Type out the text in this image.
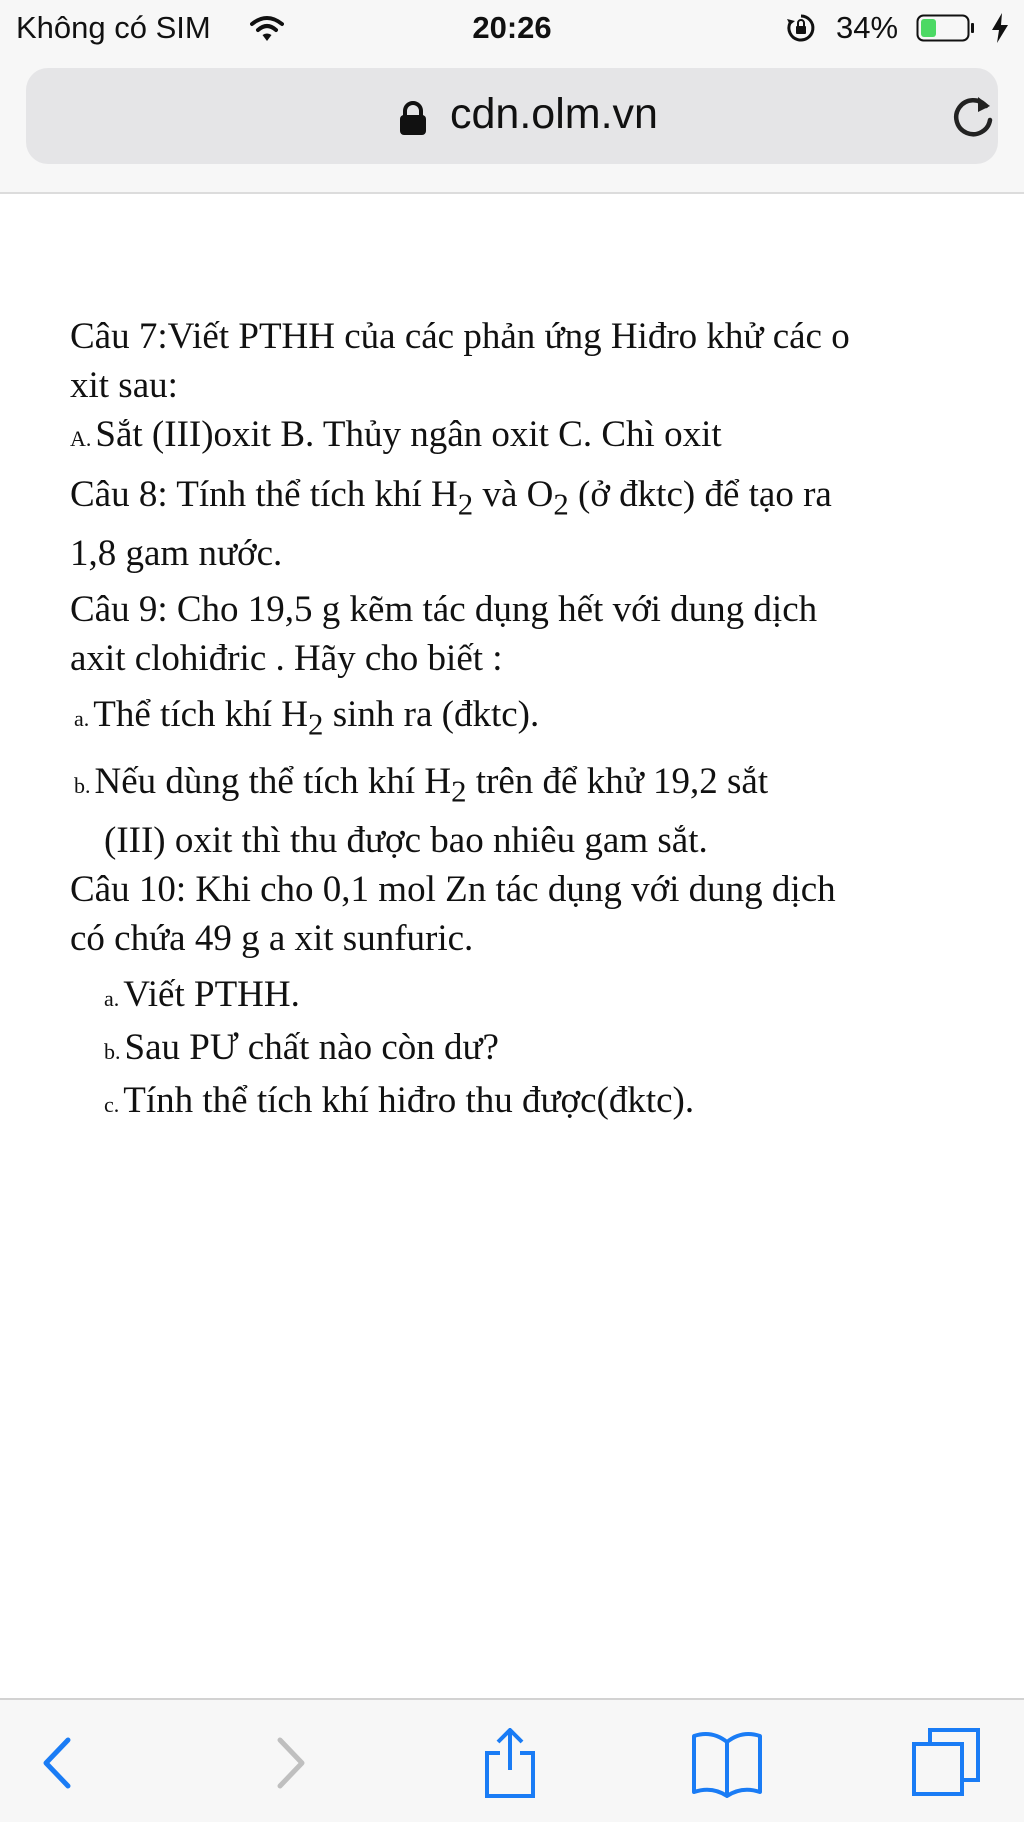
Không có SIM	20:26	34%
cdn.olm.vn

Câu 7:Viết PTHH của các phản ứng Hiđro khử các o

xit sau:

A. Sắt (III)oxit B. Thủy ngân oxit C. Chì oxit

Câu 8: Tính thể tích khí $H_2$ và $O_2$ (ở đktc) để tạo ra

1,8 gam nước.

Câu 9: Cho 19,5 g kẽm tác dụng hết với dung dịch

axit clohiđric . Hãy cho biết :

a. Thể tích khí $H_2$ sinh ra (đktc).

b. Nếu dùng thể tích khí $H_2$ trên để khử 19,2 sắt

(III) oxit thì thu được bao nhiêu gam sắt.

Câu 10: Khi cho 0,1 mol Zn tác dụng với dung dịch

có chứa 49 g a xit sunfuric.

a. Viết PTHH.

b. Sau PƯ chất nào còn dư?

c. Tính thể tích khí hiđro thu được(đktc).
